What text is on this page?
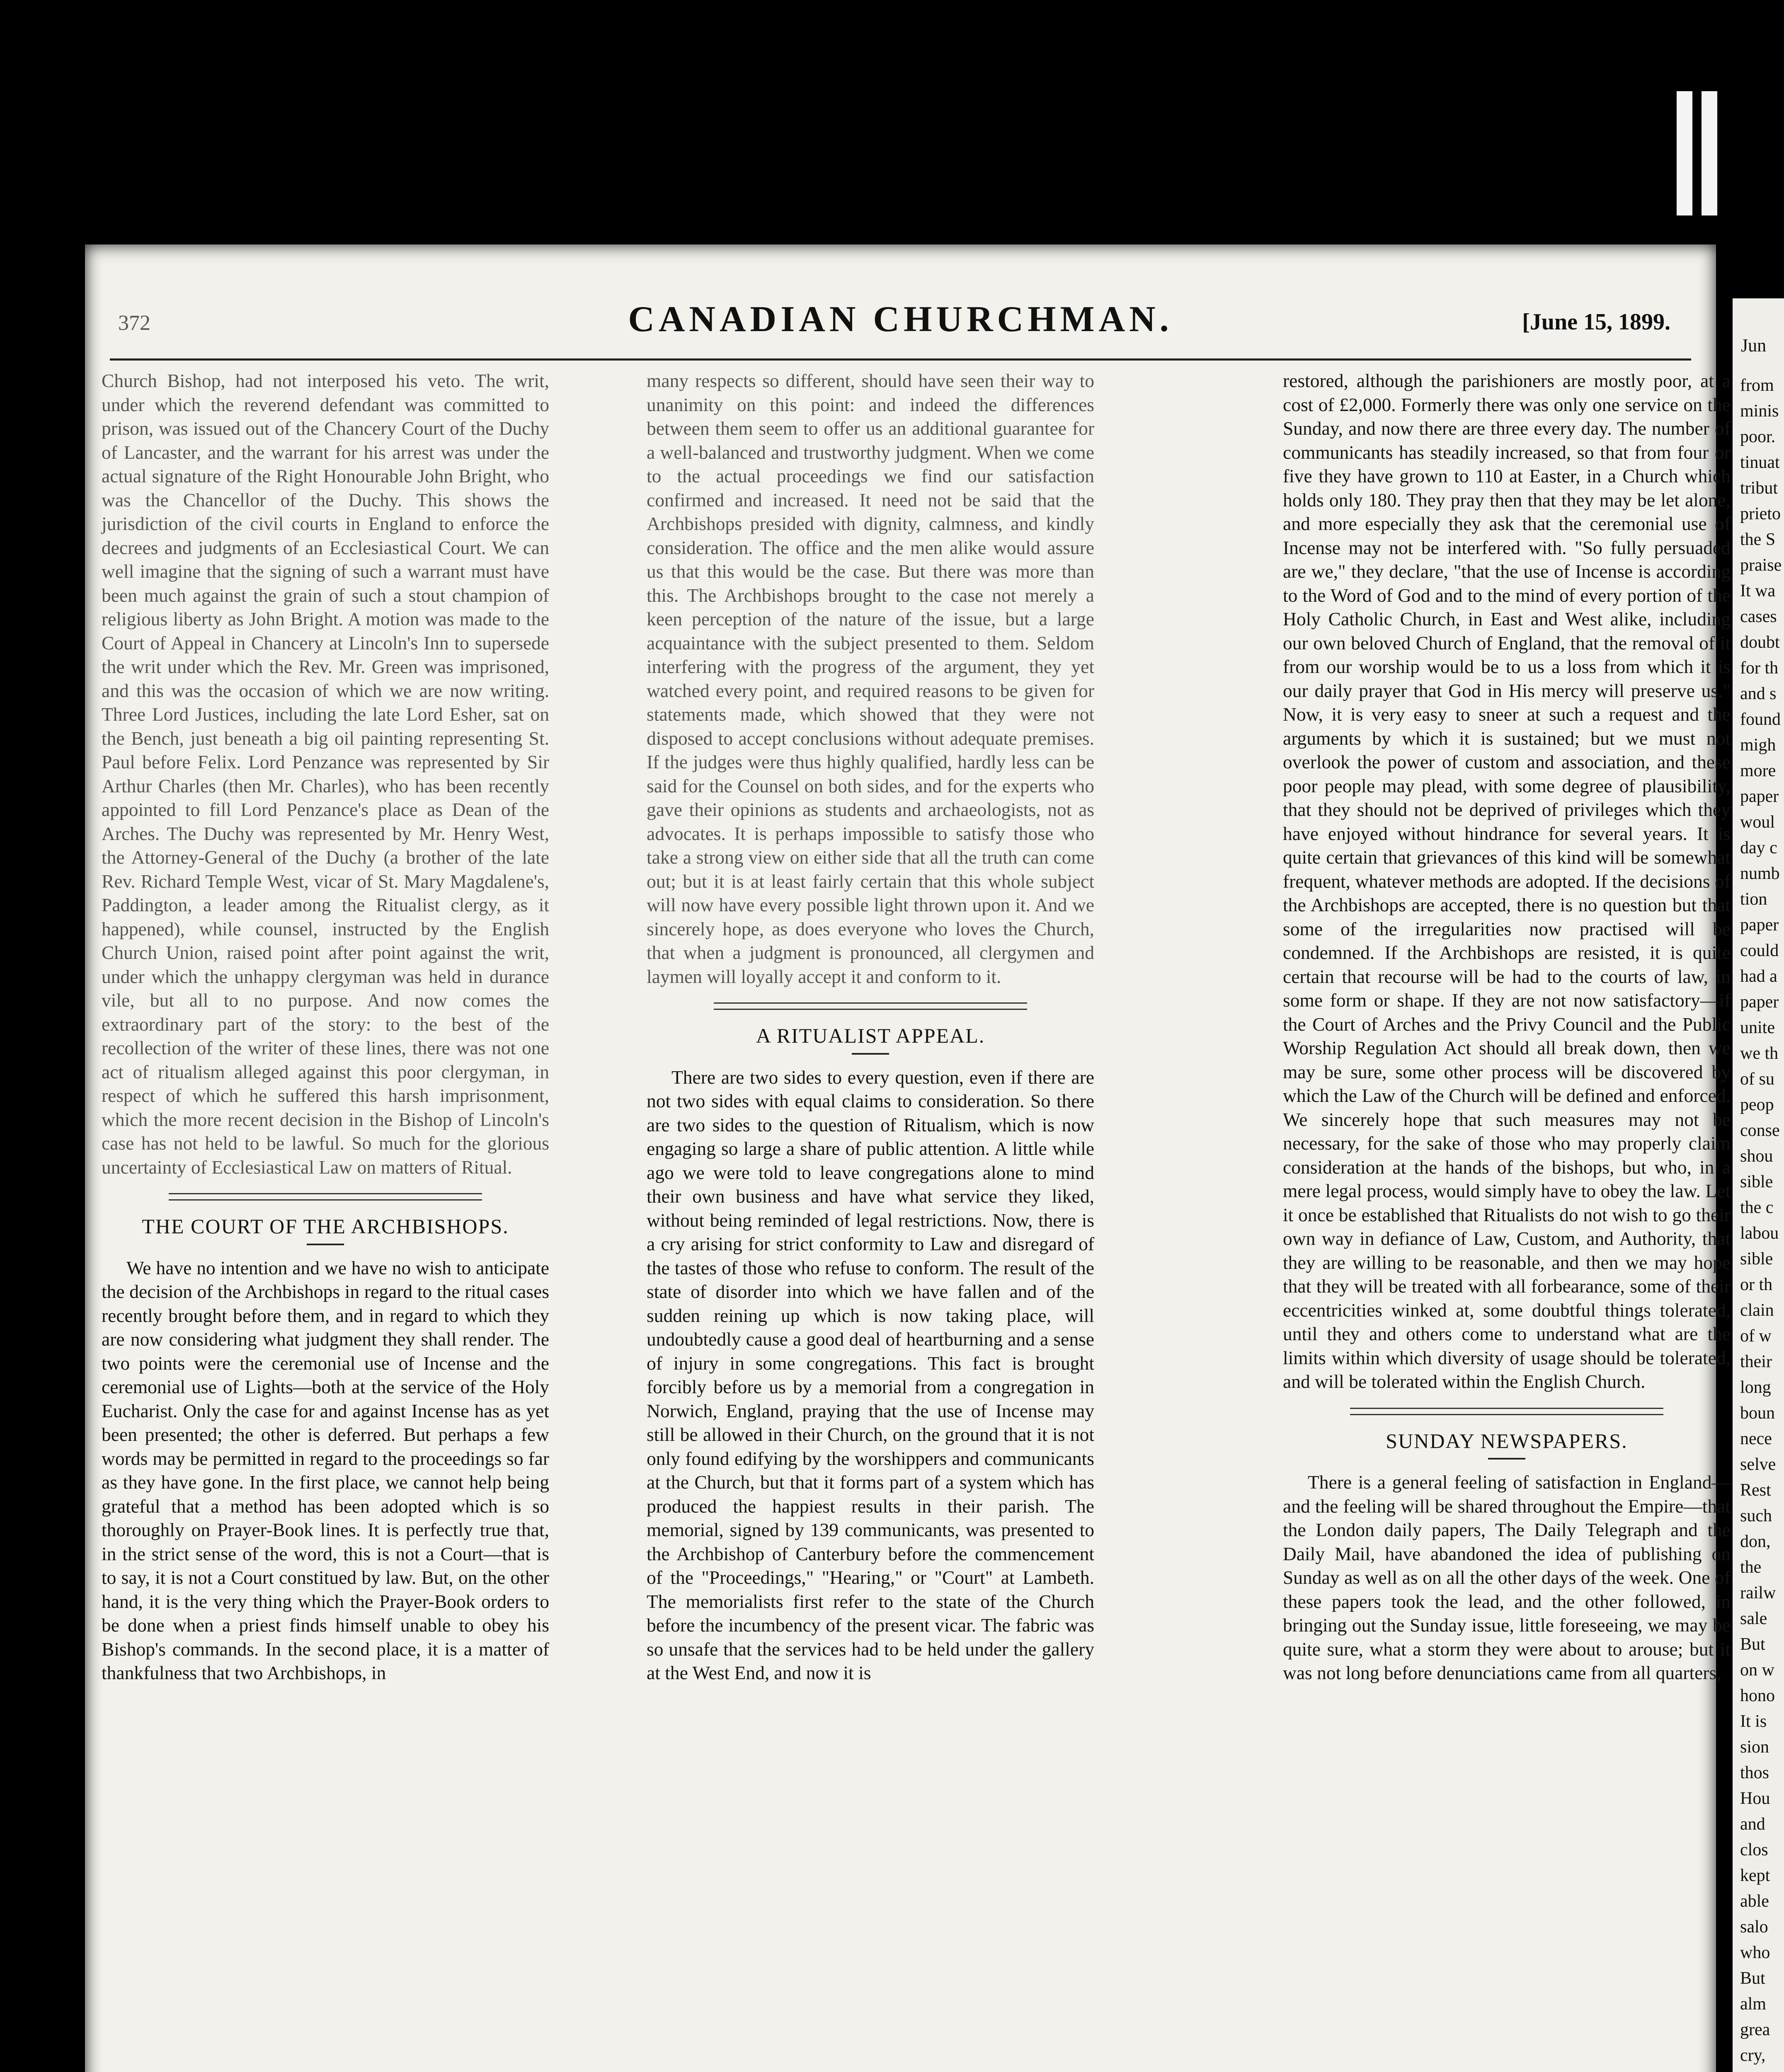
372	CANADIAN CHURCHMAN.	[June 15, 1899.

Church Bishop, had not interposed his veto. The writ, under which the reverend defendant was committed to prison, was issued out of the Chancery Court of the Duchy of Lancaster, and the warrant for his arrest was under the actual signature of the Right Honourable John Bright, who was the Chancellor of the Duchy. This shows the jurisdiction of the civil courts in England to enforce the decrees and judgments of an Ecclesiastical Court. We can well imagine that the signing of such a warrant must have been much against the grain of such a stout champion of religious liberty as John Bright. A motion was made to the Court of Appeal in Chancery at Lincoln's Inn to supersede the writ under which the Rev. Mr. Green was imprisoned, and this was the occasion of which we are now writing. Three Lord Justices, including the late Lord Esher, sat on the Bench, just beneath a big oil painting representing St. Paul before Felix. Lord Penzance was represented by Sir Arthur Charles (then Mr. Charles), who has been recently appointed to fill Lord Penzance's place as Dean of the Arches. The Duchy was represented by Mr. Henry West, the Attorney-General of the Duchy (a brother of the late Rev. Richard Temple West, vicar of St. Mary Magdalene's, Paddington, a leader among the Ritualist clergy, as it happened), while counsel, instructed by the English Church Union, raised point after point against the writ, under which the unhappy clergyman was held in durance vile, but all to no purpose. And now comes the extraordinary part of the story: to the best of the recollection of the writer of these lines, there was not one act of ritualism alleged against this poor clergyman, in respect of which he suffered this harsh imprisonment, which the more recent decision in the Bishop of Lincoln's case has not held to be lawful. So much for the glorious uncertainty of Ecclesiastical Law on matters of Ritual.

THE COURT OF THE ARCHBISHOPS.

We have no intention and we have no wish to anticipate the decision of the Archbishops in regard to the ritual cases recently brought before them, and in regard to which they are now considering what judgment they shall render. The two points were the ceremonial use of Incense and the ceremonial use of Lights—both at the service of the Holy Eucharist. Only the case for and against Incense has as yet been presented; the other is deferred. But perhaps a few words may be permitted in regard to the proceedings so far as they have gone. In the first place, we cannot help being grateful that a method has been adopted which is so thoroughly on Prayer-Book lines. It is perfectly true that, in the strict sense of the word, this is not a Court—that is to say, it is not a Court constitued by law. But, on the other hand, it is the very thing which the Prayer-Book orders to be done when a priest finds himself unable to obey his Bishop's commands. In the second place, it is a matter of thankfulness that two Archbishops, in

many respects so different, should have seen their way to unanimity on this point: and indeed the differences between them seem to offer us an additional guarantee for a well-balanced and trustworthy judgment. When we come to the actual proceedings we find our satisfaction confirmed and increased. It need not be said that the Archbishops presided with dignity, calmness, and kindly consideration. The office and the men alike would assure us that this would be the case. But there was more than this. The Archbishops brought to the case not merely a keen perception of the nature of the issue, but a large acquaintance with the subject presented to them. Seldom interfering with the progress of the argument, they yet watched every point, and required reasons to be given for statements made, which showed that they were not disposed to accept conclusions without adequate premises. If the judges were thus highly qualified, hardly less can be said for the Counsel on both sides, and for the experts who gave their opinions as students and archaeologists, not as advocates. It is perhaps impossible to satisfy those who take a strong view on either side that all the truth can come out; but it is at least fairly certain that this whole subject will now have every possible light thrown upon it. And we sincerely hope, as does everyone who loves the Church, that when a judgment is pronounced, all clergymen and laymen will loyally accept it and conform to it.

A RITUALIST APPEAL.

There are two sides to every question, even if there are not two sides with equal claims to consideration. So there are two sides to the question of Ritualism, which is now engaging so large a share of public attention. A little while ago we were told to leave congregations alone to mind their own business and have what service they liked, without being reminded of legal restrictions. Now, there is a cry arising for strict conformity to Law and disregard of the tastes of those who refuse to conform. The result of the state of disorder into which we have fallen and of the sudden reining up which is now taking place, will undoubtedly cause a good deal of heartburning and a sense of injury in some congregations. This fact is brought forcibly before us by a memorial from a congregation in Norwich, England, praying that the use of Incense may still be allowed in their Church, on the ground that it is not only found edifying by the worshippers and communicants at the Church, but that it forms part of a system which has produced the happiest results in their parish. The memorial, signed by 139 communicants, was presented to the Archbishop of Canterbury before the commencement of the "Proceedings," "Hearing," or "Court" at Lambeth. The memorialists first refer to the state of the Church before the incumbency of the present vicar. The fabric was so unsafe that the services had to be held under the gallery at the West End, and now it is

restored, although the parishioners are mostly poor, at a cost of £2,000. Formerly there was only one service on the Sunday, and now there are three every day. The number of communicants has steadily increased, so that from four or five they have grown to 110 at Easter, in a Church which holds only 180. They pray then that they may be let alone, and more especially they ask that the ceremonial use of Incense may not be interfered with. "So fully persuaded are we," they declare, "that the use of Incense is according to the Word of God and to the mind of every portion of the Holy Catholic Church, in East and West alike, including our own beloved Church of England, that the removal of it from our worship would be to us a loss from which it is our daily prayer that God in His mercy will preserve us." Now, it is very easy to sneer at such a request and the arguments by which it is sustained; but we must not overlook the power of custom and association, and these poor people may plead, with some degree of plausibility, that they should not be deprived of privileges which they have enjoyed without hindrance for several years. It is quite certain that grievances of this kind will be somewhat frequent, whatever methods are adopted. If the decisions of the Archbishops are accepted, there is no question but that some of the irregularities now practised will be condemned. If the Archbishops are resisted, it is quite certain that recourse will be had to the courts of law, in some form or shape. If they are not now satisfactory—if the Court of Arches and the Privy Council and the Public Worship Regulation Act should all break down, then we may be sure, some other process will be discovered by which the Law of the Church will be defined and enforced. We sincerely hope that such measures may not be necessary, for the sake of those who may properly claim consideration at the hands of the bishops, but who, in a mere legal process, would simply have to obey the law. Let it once be established that Ritualists do not wish to go their own way in defiance of Law, Custom, and Authority, that they are willing to be reasonable, and then we may hope that they will be treated with all forbearance, some of their eccentricities winked at, some doubtful things tolerated, until they and others come to understand what are the limits within which diversity of usage should be tolerated, and will be tolerated within the English Church.

SUNDAY NEWSPAPERS.

There is a general feeling of satisfaction in England—and the feeling will be shared throughout the Empire—that the London daily papers, The Daily Telegraph and the Daily Mail, have abandoned the idea of publishing on Sunday as well as on all the other days of the week. One of these papers took the lead, and the other followed, in bringing out the Sunday issue, little foreseeing, we may be quite sure, what a storm they were about to arouse; but it was not long before denunciations came from all quarters,

Jun
from
minis
poor.
tinuat
tribut
prieto
the S
praise
It wa
cases
doubt
for th
and s
found
migh
more
paper
woul
day c
numb
tion
paper
could
had a
paper
unite
we th
of su
peop
conse
shou
sible
the c
labou
sible
or th
clain
of w
their
long
boun
nece
selve
Rest
such
don,
the
railw
sale
But
on w
hono
It is
sion
thos
Hou
and
clos
kept
able
salo
who
But
alm
grea
cry,
